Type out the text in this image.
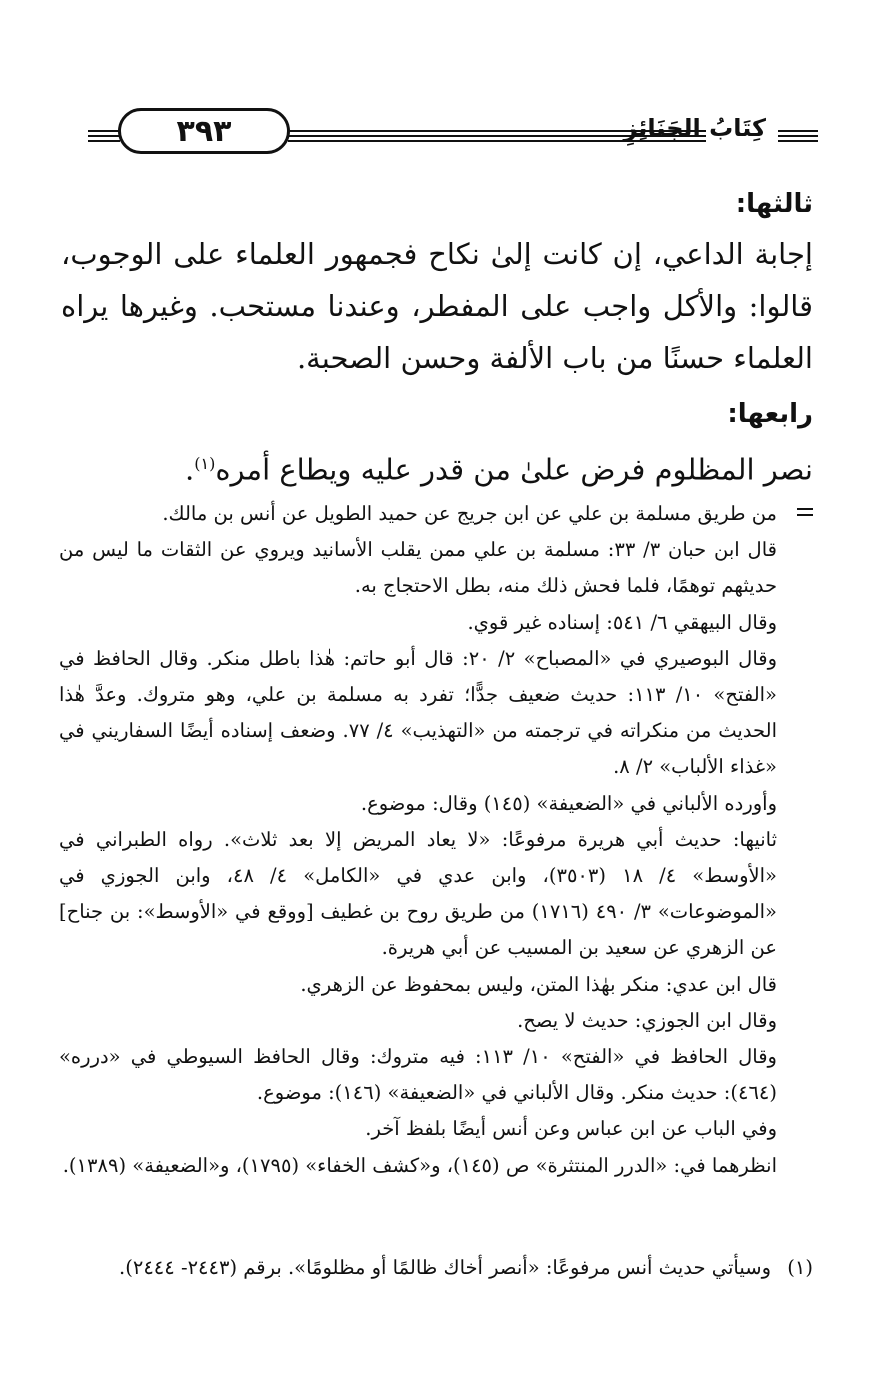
٣٩٣	كِتَابُ الجَنَائِزِ

ثالثها:

إجابة الداعي، إن كانت إلىٰ نكاح فجمهور العلماء على الوجوب، قالوا: والأكل واجب على المفطر، وعندنا مستحب. وغيرها يراه العلماء حسنًا من باب الألفة وحسن الصحبة.

رابعها:

نصر المظلوم فرض علىٰ من قدر عليه ويطاع أمره$^{(١)}$.

من طريق مسلمة بن علي عن ابن جريج عن حميد الطويل عن أنس بن مالك.

قال ابن حبان ٣/ ٣٣: مسلمة بن علي ممن يقلب الأسانيد ويروي عن الثقات ما ليس من حديثهم توهمًا، فلما فحش ذلك منه، بطل الاحتجاج به.

وقال البيهقي ٦/ ٥٤١: إسناده غير قوي.

وقال البوصيري في «المصباح» ٢/ ٢٠: قال أبو حاتم: هٰذا باطل منكر. وقال الحافظ في «الفتح» ١٠/ ١١٣: حديث ضعيف جدًّا؛ تفرد به مسلمة بن علي، وهو متروك. وعدَّ هٰذا الحديث من منكراته في ترجمته من «التهذيب» ٤/ ٧٧. وضعف إسناده أيضًا السفاريني في «غذاء الألباب» ٢/ ٨.

وأورده الألباني في «الضعيفة» (١٤٥) وقال: موضوع.

ثانيها: حديث أبي هريرة مرفوعًا: «لا يعاد المريض إلا بعد ثلاث». رواه الطبراني في «الأوسط» ٤/ ١٨ (٣٥٠٣)، وابن عدي في «الكامل» ٤/ ٤٨، وابن الجوزي في «الموضوعات» ٣/ ٤٩٠ (١٧١٦) من طريق روح بن غطيف [ووقع في «الأوسط»: بن جناح] عن الزهري عن سعيد بن المسيب عن أبي هريرة.

قال ابن عدي: منكر بهٰذا المتن، وليس بمحفوظ عن الزهري.

وقال ابن الجوزي: حديث لا يصح.

وقال الحافظ في «الفتح» ١٠/ ١١٣: فيه متروك: وقال الحافظ السيوطي في «درره» (٤٦٤): حديث منكر. وقال الألباني في «الضعيفة» (١٤٦): موضوع.

وفي الباب عن ابن عباس وعن أنس أيضًا بلفظ آخر.

انظرهما في: «الدرر المنتثرة» ص (١٤٥)، و«كشف الخفاء» (١٧٩٥)، و«الضعيفة» (١٣٨٩).

(١)وسيأتي حديث أنس مرفوعًا: «أنصر أخاك ظالمًا أو مظلومًا». برقم (٢٤٤٣- ٢٤٤٤).
